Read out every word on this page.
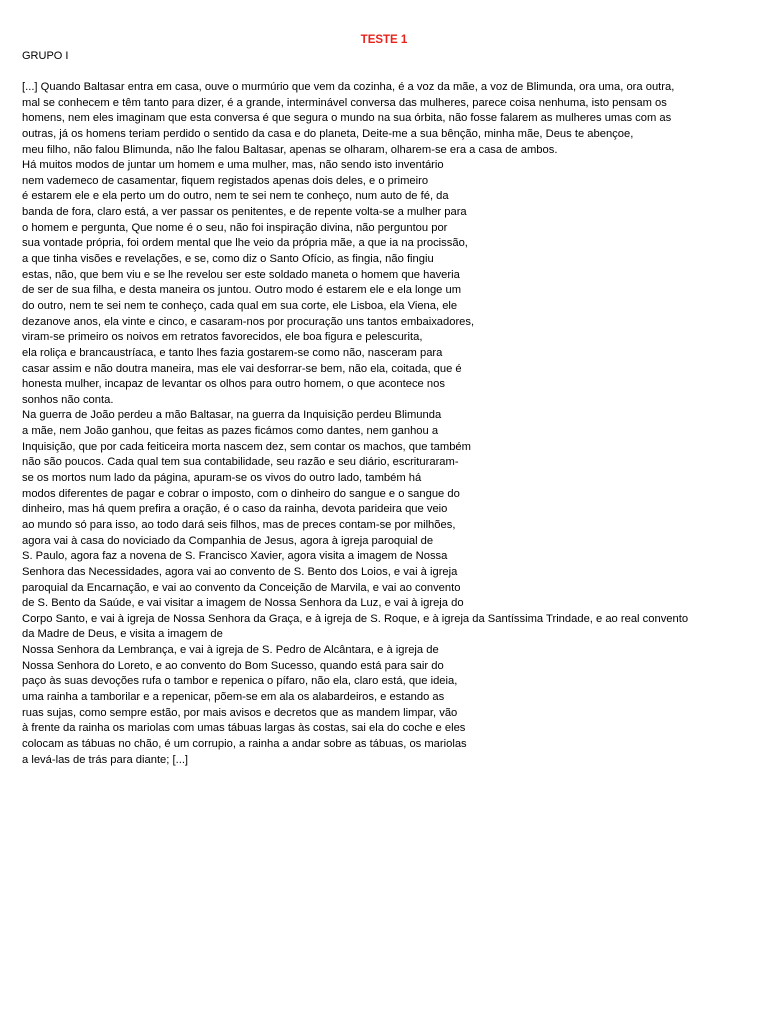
TESTE 1
GRUPO I
[...] Quando Baltasar entra em casa, ouve o murmúrio que vem da cozinha, é a voz da mãe, a voz de Blimunda, ora uma, ora outra,
mal se conhecem e têm tanto para dizer, é a grande, interminável conversa das mulheres, parece coisa nenhuma, isto pensam os
homens, nem eles imaginam que esta conversa é que segura o mundo na sua órbita, não fosse falarem as mulheres umas com as
outras, já os homens teriam perdido o sentido da casa e do planeta, Deite-me a sua bênção, minha mãe, Deus te abençoe,
meu filho, não falou Blimunda, não lhe falou Baltasar, apenas se olharam, olharem-se era a casa de ambos.
Há muitos modos de juntar um homem e uma mulher, mas, não sendo isto inventário
nem vademeco de casamentar, fiquem registados apenas dois deles, e o primeiro
é estarem ele e ela perto um do outro, nem te sei nem te conheço, num auto de fé, da
banda de fora, claro está, a ver passar os penitentes, e de repente volta-se a mulher para
o homem e pergunta, Que nome é o seu, não foi inspiração divina, não perguntou por
sua vontade própria, foi ordem mental que lhe veio da própria mãe, a que ia na procissão,
a que tinha visões e revelações, e se, como diz o Santo Ofício, as fingia, não fingiu
estas, não, que bem viu e se lhe revelou ser este soldado maneta o homem que haveria
de ser de sua filha, e desta maneira os juntou. Outro modo é estarem ele e ela longe um
do outro, nem te sei nem te conheço, cada qual em sua corte, ele Lisboa, ela Viena, ele
dezanove anos, ela vinte e cinco, e casaram-nos por procuração uns tantos embaixadores,
viram-se primeiro os noivos em retratos favorecidos, ele boa figura e pelescurita,
ela roliça e brancaustríaca, e tanto lhes fazia gostarem-se como não, nasceram para
casar assim e não doutra maneira, mas ele vai desforrar-se bem, não ela, coitada, que é
honesta mulher, incapaz de levantar os olhos para outro homem, o que acontece nos
sonhos não conta.
Na guerra de João perdeu a mão Baltasar, na guerra da Inquisição perdeu Blimunda
a mãe, nem João ganhou, que feitas as pazes ficámos como dantes, nem ganhou a
Inquisição, que por cada feiticeira morta nascem dez, sem contar os machos, que também
não são poucos. Cada qual tem sua contabilidade, seu razão e seu diário, escrituraram-
se os mortos num lado da página, apuram-se os vivos do outro lado, também há
modos diferentes de pagar e cobrar o imposto, com o dinheiro do sangue e o sangue do
dinheiro, mas há quem prefira a oração, é o caso da rainha, devota parideira que veio
ao mundo só para isso, ao todo dará seis filhos, mas de preces contam-se por milhões,
agora vai à casa do noviciado da Companhia de Jesus, agora à igreja paroquial de
S. Paulo, agora faz a novena de S. Francisco Xavier, agora visita a imagem de Nossa
Senhora das Necessidades, agora vai ao convento de S. Bento dos Loios, e vai à igreja
paroquial da Encarnação, e vai ao convento da Conceição de Marvila, e vai ao convento
de S. Bento da Saúde, e vai visitar a imagem de Nossa Senhora da Luz, e vai à igreja do
Corpo Santo, e vai à igreja de Nossa Senhora da Graça, e à igreja de S. Roque, e à igreja da Santíssima Trindade, e ao real convento
da Madre de Deus, e visita a imagem de
Nossa Senhora da Lembrança, e vai à igreja de S. Pedro de Alcântara, e à igreja de
Nossa Senhora do Loreto, e ao convento do Bom Sucesso, quando está para sair do
paço às suas devoções rufa o tambor e repenica o pífaro, não ela, claro está, que ideia,
uma rainha a tamborilar e a repenicar, põem-se em ala os alabardeiros, e estando as
ruas sujas, como sempre estão, por mais avisos e decretos que as mandem limpar, vão
à frente da rainha os mariolas com umas tábuas largas às costas, sai ela do coche e eles
colocam as tábuas no chão, é um corrupio, a rainha a andar sobre as tábuas, os mariolas
a levá-las de trás para diante; [...]
